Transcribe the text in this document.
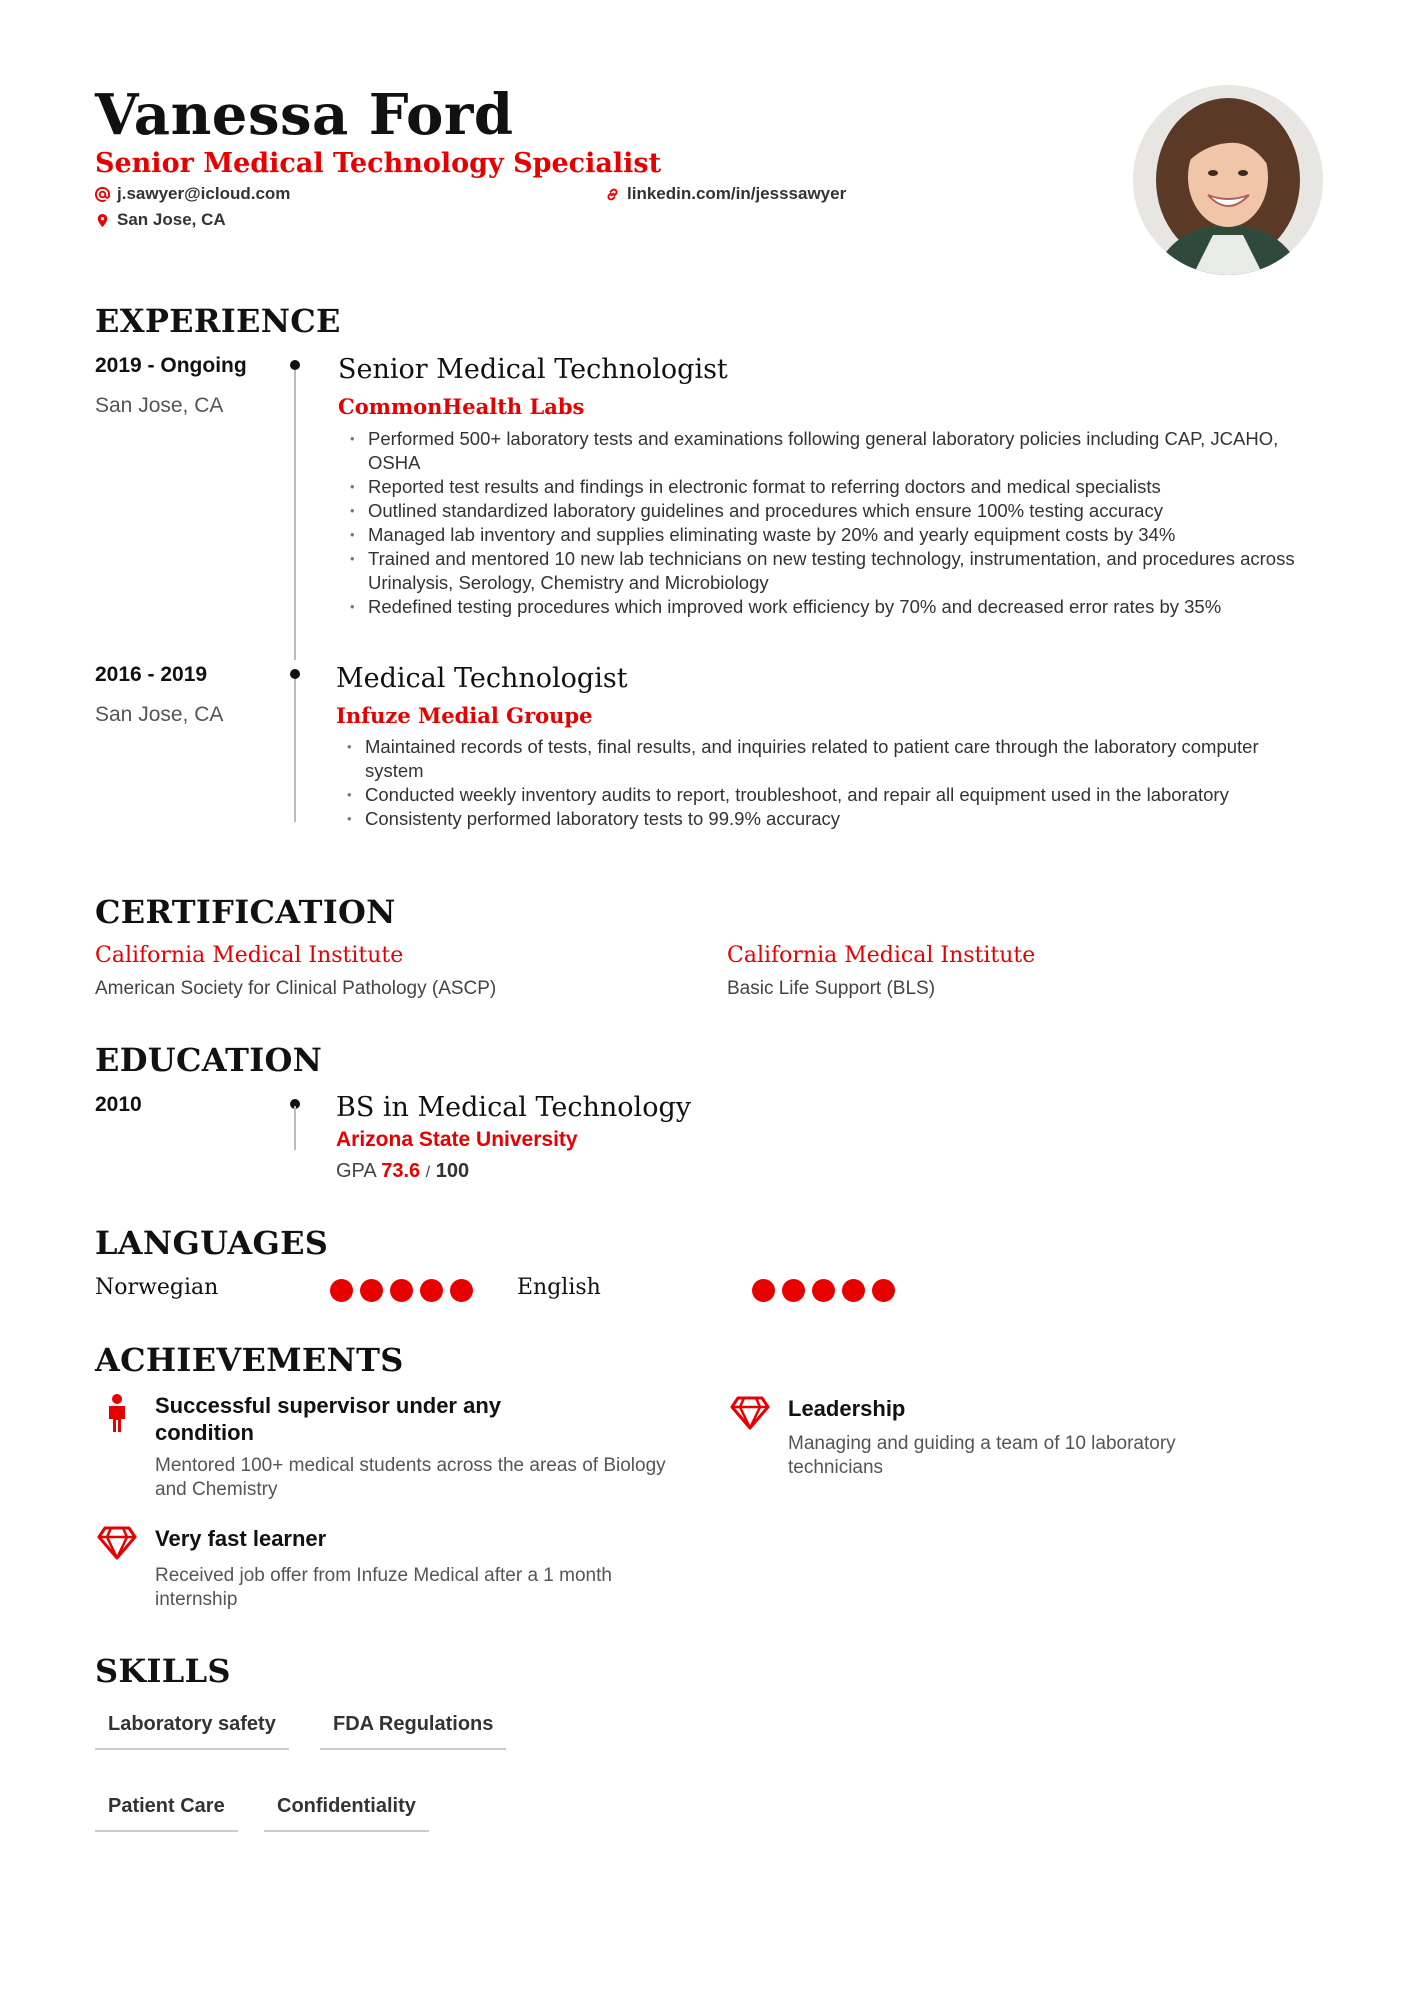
Vanessa Ford
Senior Medical Technology Specialist
j.sawyer@icloud.com	linkedin.com/in/jesssawyer
San Jose, CA
EXPERIENCE
2019 - Ongoing
San Jose, CA
Senior Medical Technologist
CommonHealth Labs
• Performed 500+ laboratory tests and examinations following general laboratory policies including CAP, JCAHO, OSHA
• Reported test results and findings in electronic format to referring doctors and medical specialists
• Outlined standardized laboratory guidelines and procedures which ensure 100% testing accuracy
• Managed lab inventory and supplies eliminating waste by 20% and yearly equipment costs by 34%
• Trained and mentored 10 new lab technicians on new testing technology, instrumentation, and procedures across Urinalysis, Serology, Chemistry and Microbiology
• Redefined testing procedures which improved work efficiency by 70% and decreased error rates by 35%
2016 - 2019
San Jose, CA
Medical Technologist
Infuze Medial Groupe
• Maintained records of tests, final results, and inquiries related to patient care through the laboratory computer system
• Conducted weekly inventory audits to report, troubleshoot, and repair all equipment used in the laboratory
• Consistenty performed laboratory tests to 99.9% accuracy
CERTIFICATION
California Medical Institute
American Society for Clinical Pathology (ASCP)
California Medical Institute
Basic Life Support (BLS)
EDUCATION
2010	BS in Medical Technology
Arizona State University
GPA 73.6 / 100
LANGUAGES
Norwegian	English
ACHIEVEMENTS
Successful supervisor under any condition
Mentored 100+ medical students across the areas of Biology and Chemistry
Leadership
Managing and guiding a team of 10 laboratory technicians
Very fast learner
Received job offer from Infuze Medical after a 1 month internship
SKILLS
Laboratory safety	FDA Regulations
Patient Care	Confidentiality
